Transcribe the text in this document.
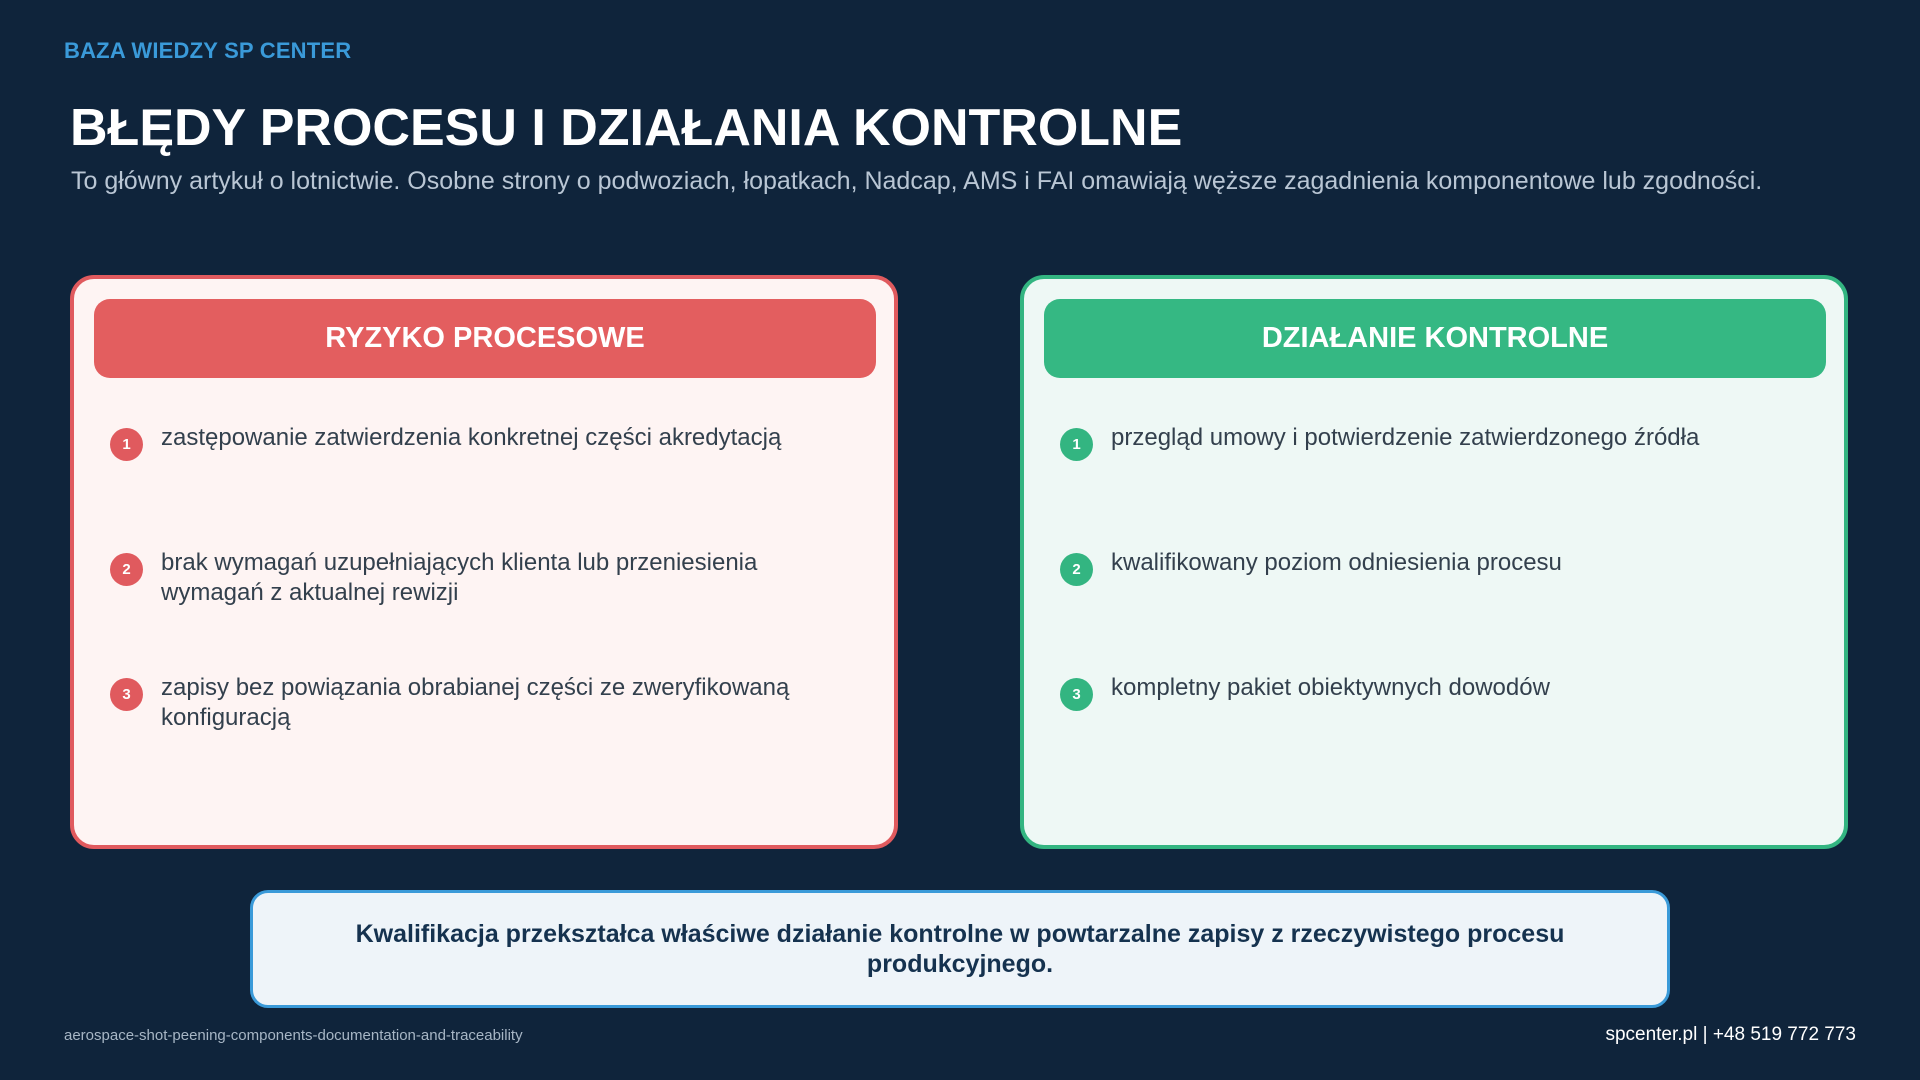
BAZA WIEDZY SP CENTER
BŁĘDY PROCESU I DZIAŁANIA KONTROLNE
To główny artykuł o lotnictwie. Osobne strony o podwoziach, łopatkach, Nadcap, AMS i FAI omawiają węższe zagadnienia komponentowe lub zgodności.
RYZYKO PROCESOWE
1	zastępowanie zatwierdzenia konkretnej części akredytacją
2	brak wymagań uzupełniających klienta lub przeniesienia wymagań z aktualnej rewizji
3	zapisy bez powiązania obrabianej części ze zweryfikowaną konfiguracją
DZIAŁANIE KONTROLNE
1	przegląd umowy i potwierdzenie zatwierdzonego źródła
2	kwalifikowany poziom odniesienia procesu
3	kompletny pakiet obiektywnych dowodów
Kwalifikacja przekształca właściwe działanie kontrolne w powtarzalne zapisy z rzeczywistego procesu produkcyjnego.
aerospace-shot-peening-components-documentation-and-traceability	spcenter.pl | +48 519 772 773
